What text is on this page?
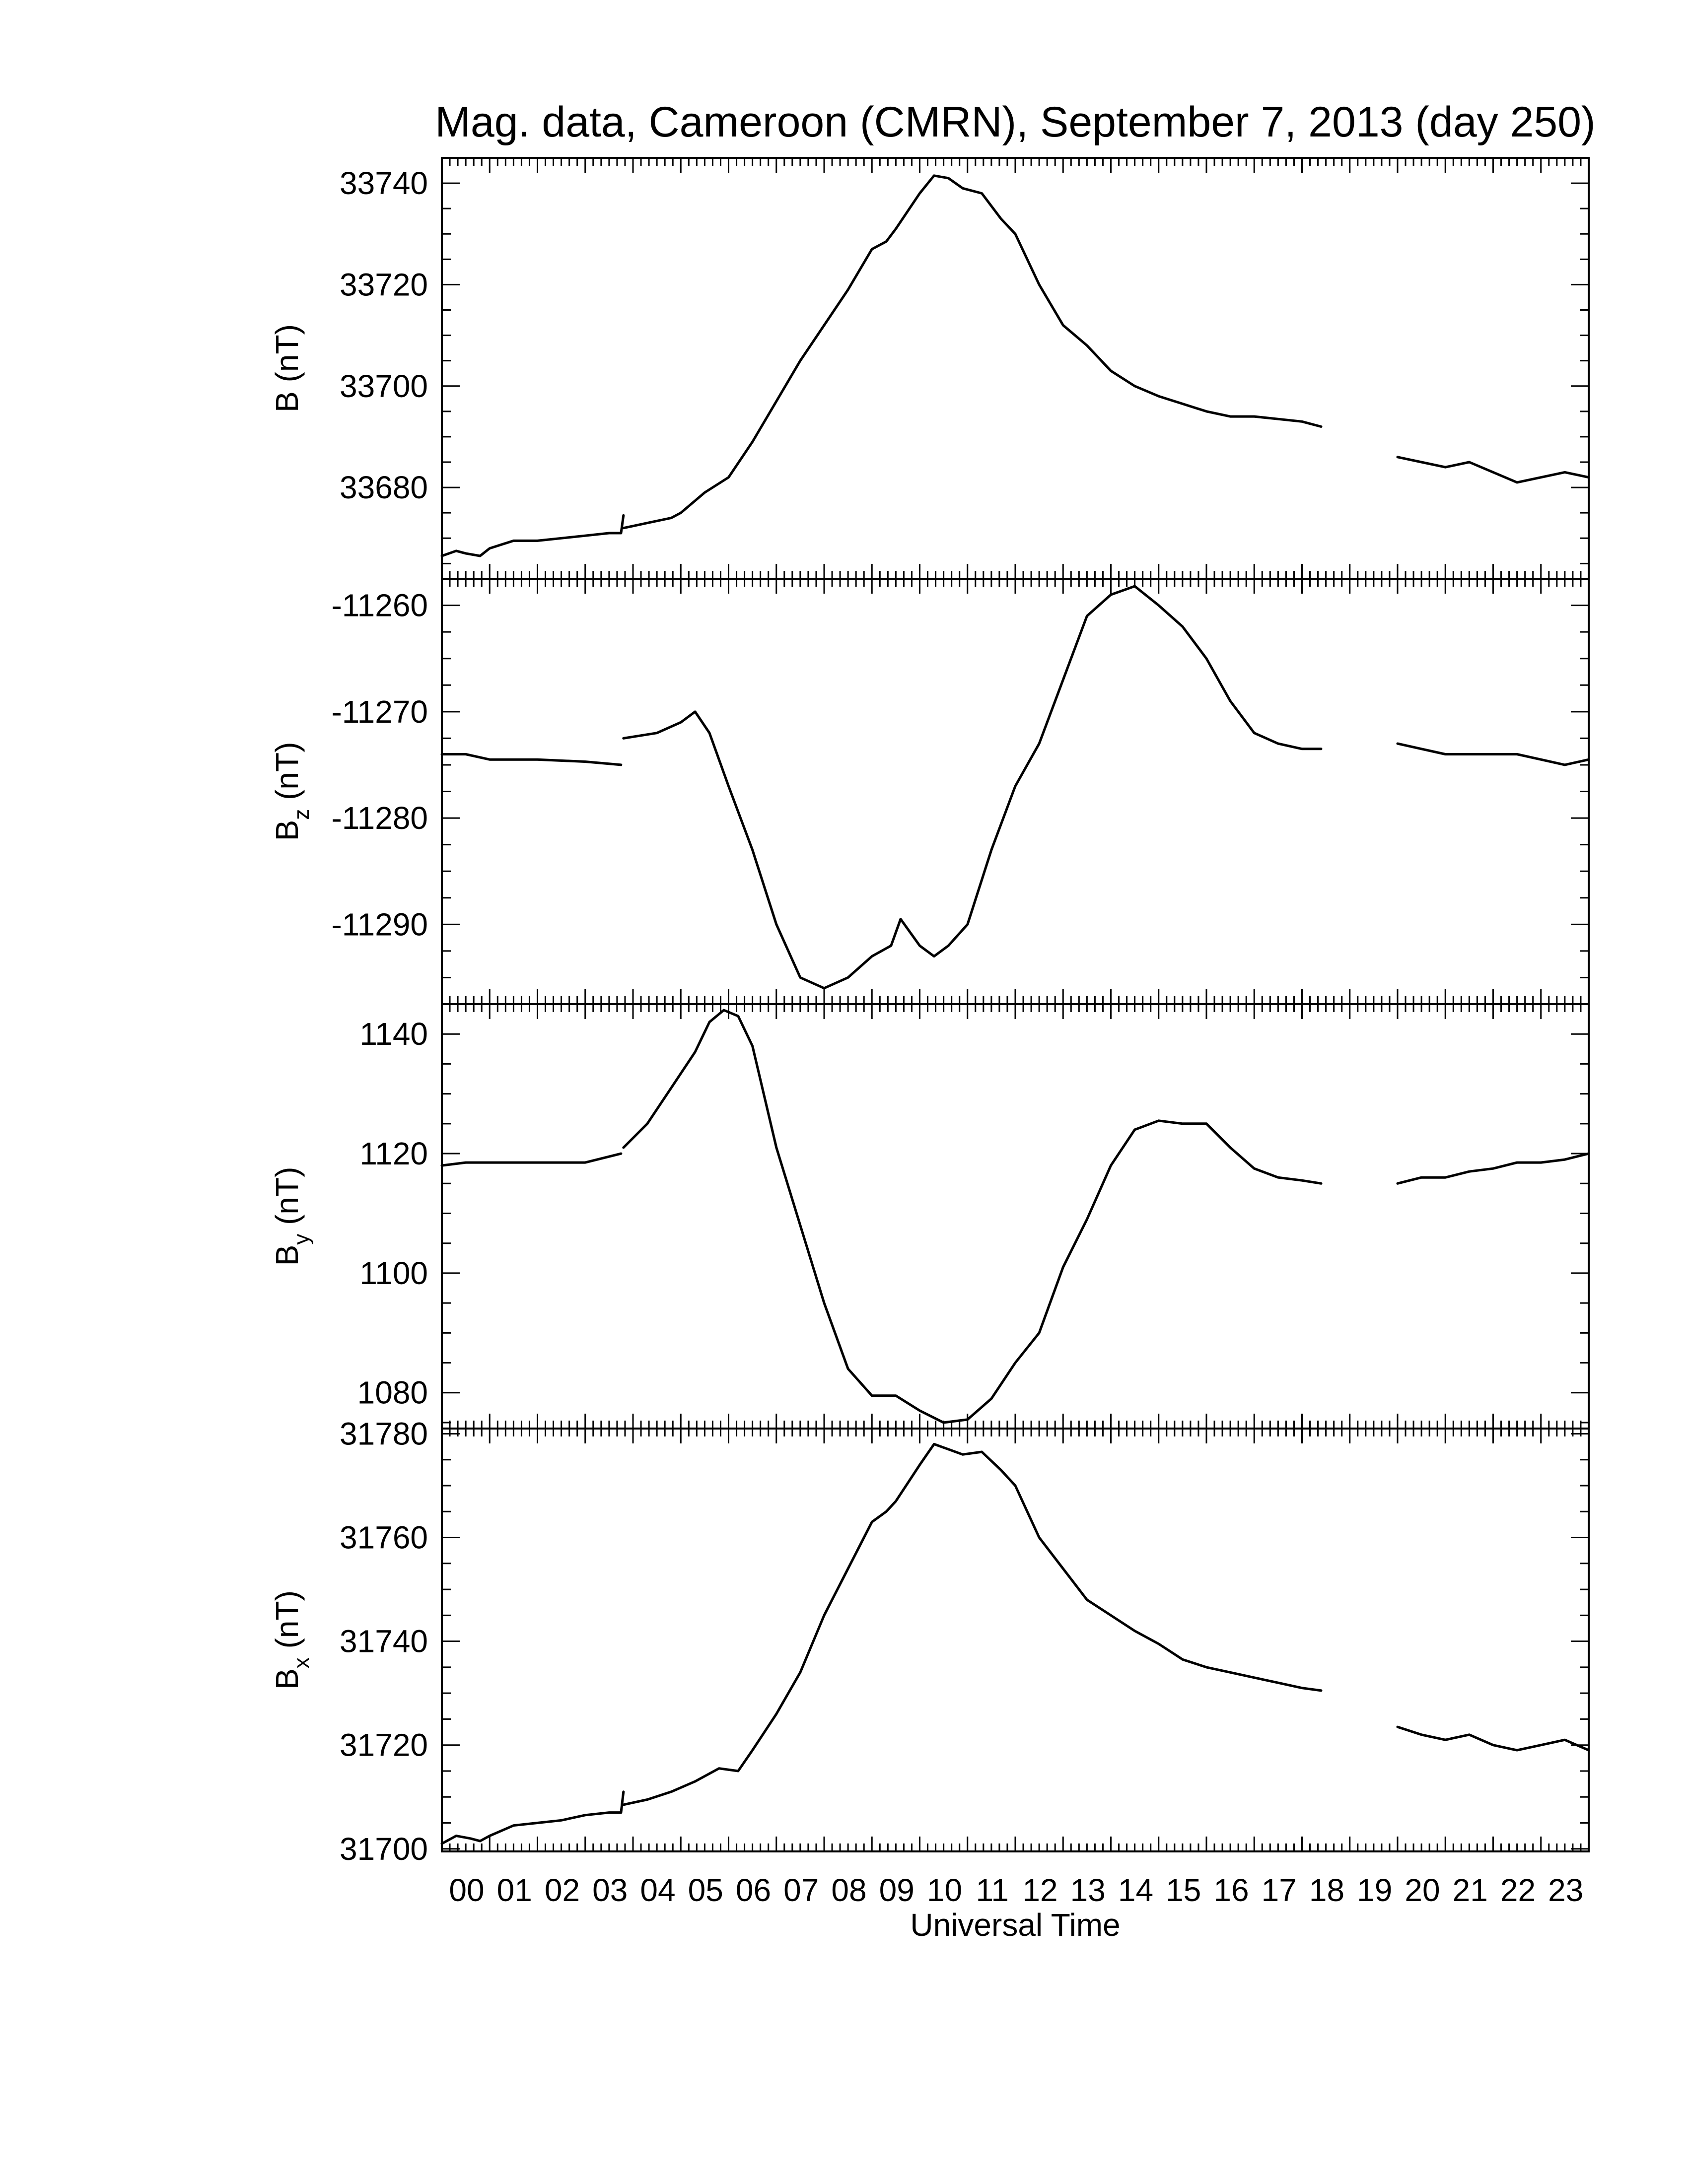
Mag. data, Cameroon (CMRN), September 7, 2013 (day 250)
33680
33700
33720
33740
B (nT)
-11260
-11270
-11280
-11290
$B_z$ (nT)
1080
1100
1120
1140
$B_y$ (nT)
31700
31720
31740
31760
31780
$B_x$ (nT)
00 01 02 03 04 05 06 07 08 09 10 11 12 13 14 15 16 17 18 19 20 21 22 23
Universal Time
